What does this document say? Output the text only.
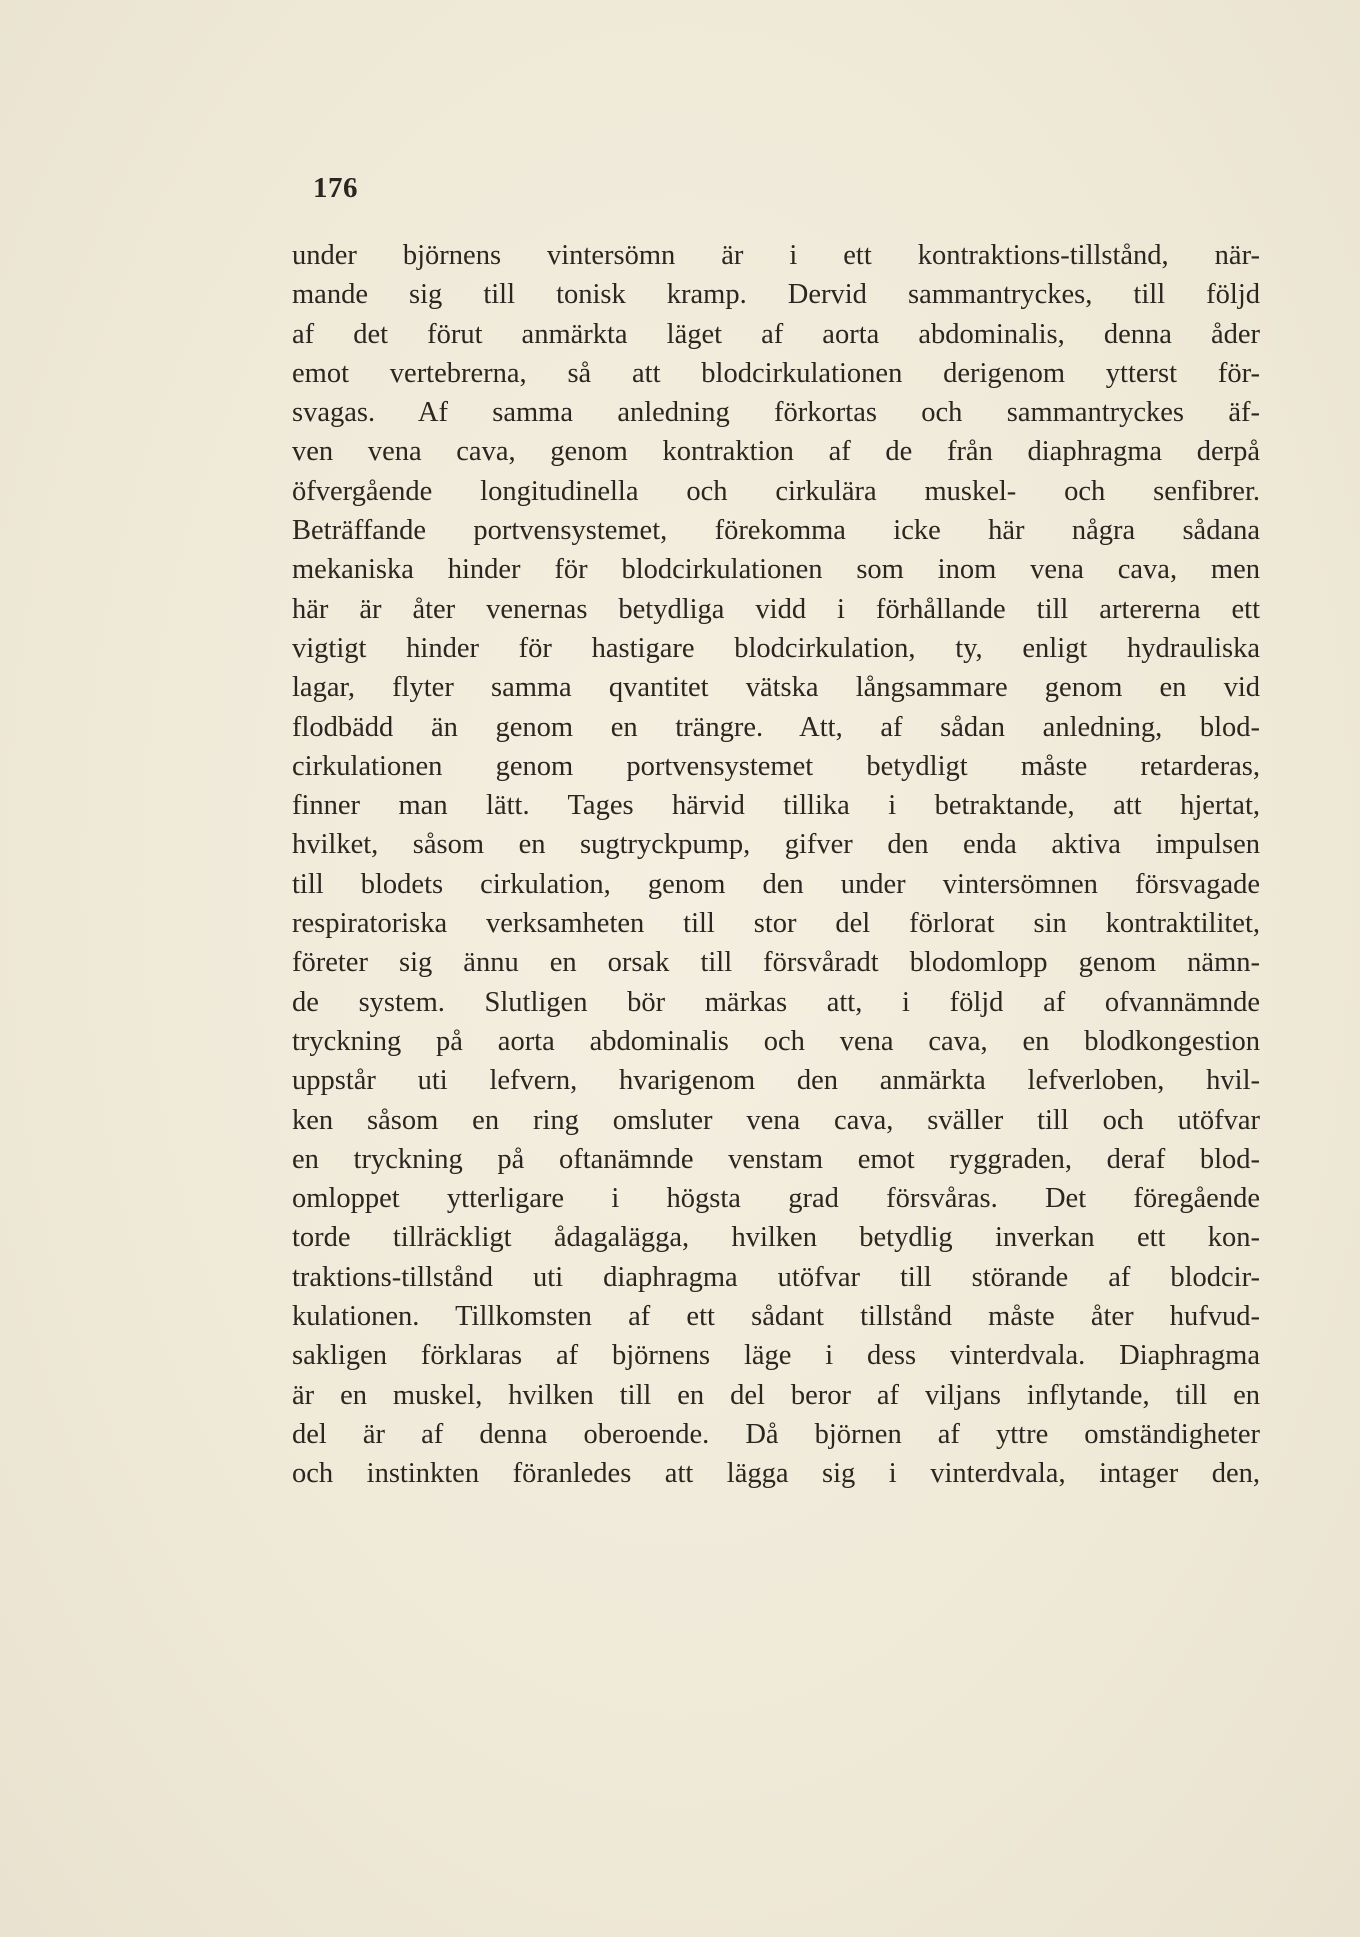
176
under björnens vintersömn är i ett kontraktions-tillstånd, när-
mande sig till tonisk kramp. Dervid sammantryckes, till följd
af det förut anmärkta läget af aorta abdominalis, denna åder
emot vertebrerna, så att blodcirkulationen derigenom ytterst för-
svagas. Af samma anledning förkortas och sammantryckes äf-
ven vena cava, genom kontraktion af de från diaphragma derpå
öfvergående longitudinella och cirkulära muskel- och senfibrer.
Beträffande portvensystemet, förekomma icke här några sådana
mekaniska hinder för blodcirkulationen som inom vena cava, men
här är åter venernas betydliga vidd i förhållande till artererna ett
vigtigt hinder för hastigare blodcirkulation, ty, enligt hydrauliska
lagar, flyter samma qvantitet vätska långsammare genom en vid
flodbädd än genom en trängre. Att, af sådan anledning, blod-
cirkulationen genom portvensystemet betydligt måste retarderas,
finner man lätt. Tages härvid tillika i betraktande, att hjertat,
hvilket, såsom en sugtryckpump, gifver den enda aktiva impulsen
till blodets cirkulation, genom den under vintersömnen försvagade
respiratoriska verksamheten till stor del förlorat sin kontraktilitet,
företer sig ännu en orsak till försvåradt blodomlopp genom nämn-
de system. Slutligen bör märkas att, i följd af ofvannämnde
tryckning på aorta abdominalis och vena cava, en blodkongestion
uppstår uti lefvern, hvarigenom den anmärkta lefverloben, hvil-
ken såsom en ring omsluter vena cava, sväller till och utöfvar
en tryckning på oftanämnde venstam emot ryggraden, deraf blod-
omloppet ytterligare i högsta grad försvåras. Det föregående
torde tillräckligt ådagalägga, hvilken betydlig inverkan ett kon-
traktions-tillstånd uti diaphragma utöfvar till störande af blodcir-
kulationen. Tillkomsten af ett sådant tillstånd måste åter hufvud-
sakligen förklaras af björnens läge i dess vinterdvala. Diaphragma
är en muskel, hvilken till en del beror af viljans inflytande, till en
del är af denna oberoende. Då björnen af yttre omständigheter
och instinkten föranledes att lägga sig i vinterdvala, intager den,
